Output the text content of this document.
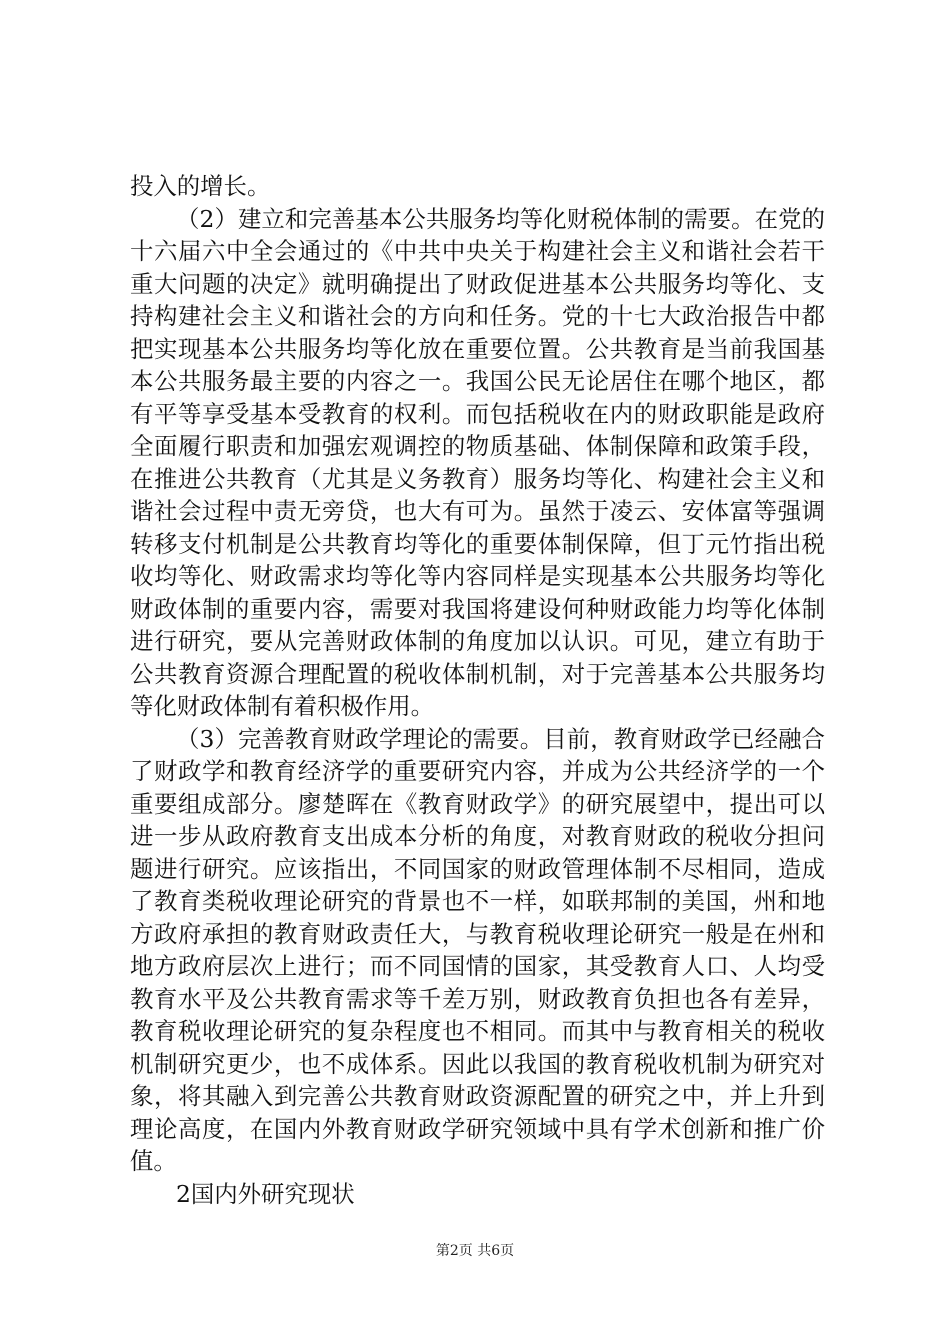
投入的增长。

（2）建立和完善基本公共服务均等化财税体制的需要。在党的十六届六中全会通过的《中共中央关于构建社会主义和谐社会若干重大问题的决定》就明确提出了财政促进基本公共服务均等化、支持构建社会主义和谐社会的方向和任务。党的十七大政治报告中都把实现基本公共服务均等化放在重要位置。公共教育是当前我国基本公共服务最主要的内容之一。我国公民无论居住在哪个地区，都有平等享受基本受教育的权利。而包括税收在内的财政职能是政府全面履行职责和加强宏观调控的物质基础、体制保障和政策手段，在推进公共教育（尤其是义务教育）服务均等化、构建社会主义和谐社会过程中责无旁贷，也大有可为。虽然于凌云、安体富等强调转移支付机制是公共教育均等化的重要体制保障，但丁元竹指出税收均等化、财政需求均等化等内容同样是实现基本公共服务均等化财政体制的重要内容，需要对我国将建设何种财政能力均等化体制进行研究，要从完善财政体制的角度加以认识。可见，建立有助于公共教育资源合理配置的税收体制机制，对于完善基本公共服务均等化财政体制有着积极作用。

（3）完善教育财政学理论的需要。目前，教育财政学已经融合了财政学和教育经济学的重要研究内容，并成为公共经济学的一个重要组成部分。廖楚晖在《教育财政学》的研究展望中，提出可以进一步从政府教育支出成本分析的角度，对教育财政的税收分担问题进行研究。应该指出，不同国家的财政管理体制不尽相同，造成了教育类税收理论研究的背景也不一样，如联邦制的美国，州和地方政府承担的教育财政责任大，与教育税收理论研究一般是在州和地方政府层次上进行；而不同国情的国家，其受教育人口、人均受教育水平及公共教育需求等千差万别，财政教育负担也各有差异，教育税收理论研究的复杂程度也不相同。而其中与教育相关的税收机制研究更少，也不成体系。因此以我国的教育税收机制为研究对象，将其融入到完善公共教育财政资源配置的研究之中，并上升到理论高度，在国内外教育财政学研究领域中具有学术创新和推广价值。

2国内外研究现状

第2页 共6页
